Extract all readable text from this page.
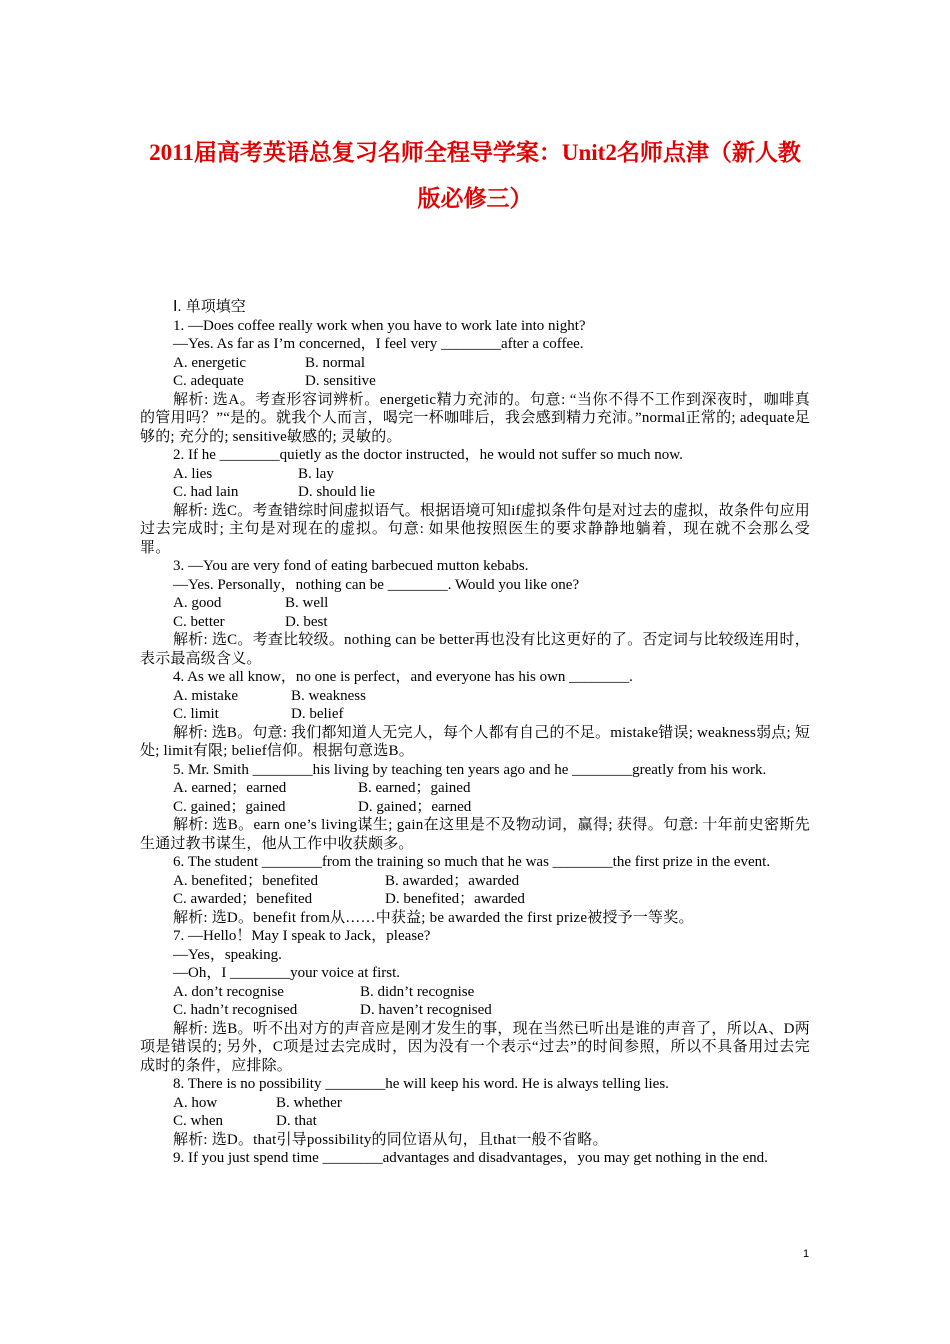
2011届高考英语总复习名师全程导学案：Unit2名师点津（新人教版必修三）
Ⅰ. 单项填空

1. —Does coffee really work when you have to work late into night?

—Yes. As far as I’m concerned，I feel very ________after a coffee.

A. energetic	B. normal
C. adequate	D. sensitive

解析: 选A。考查形容词辨析。energetic精力充沛的。句意: “当你不得不工作到深夜时，咖啡真的管用吗？”“是的。就我个人而言，喝完一杯咖啡后，我会感到精力充沛。”normal正常的; adequate足够的; 充分的; sensitive敏感的; 灵敏的。

2. If he ________quietly as the doctor instructed，he would not suffer so much now.

A. lies	B. lay
C. had lain	D. should lie

解析: 选C。考查错综时间虚拟语气。根据语境可知if虚拟条件句是对过去的虚拟，故条件句应用过去完成时; 主句是对现在的虚拟。句意: 如果他按照医生的要求静静地躺着，现在就不会那么受罪。

3. —You are very fond of eating barbecued mutton kebabs.

—Yes. Personally，nothing can be ________. Would you like one?

A. good	B. well
C. better	D. best

解析: 选C。考查比较级。nothing can be better再也没有比这更好的了。否定词与比较级连用时，表示最高级含义。

4. As we all know，no one is perfect，and everyone has his own ________.

A. mistake	B. weakness
C. limit	D. belief

解析: 选B。句意: 我们都知道人无完人，每个人都有自己的不足。mistake错误; weakness弱点; 短处; limit有限; belief信仰。根据句意选B。

5. Mr. Smith ________his living by teaching ten years ago and he ________greatly from his work.

A. earned；earned	B. earned；gained
C. gained；gained	D. gained；earned

解析: 选B。earn one’s living谋生; gain在这里是不及物动词，赢得; 获得。句意: 十年前史密斯先生通过教书谋生，他从工作中收获颇多。

6. The student ________from the training so much that he was ________the first prize in the event.

A. benefited；benefited	B. awarded；awarded
C. awarded；benefited	D. benefited；awarded

解析: 选D。benefit from从……中获益; be awarded the first prize被授予一等奖。

7. —Hello！May I speak to Jack，please?

—Yes，speaking.

—Oh，I ________your voice at first.

A. don’t recognise	B. didn’t recognise
C. hadn’t recognised	D. haven’t recognised

解析: 选B。听不出对方的声音应是刚才发生的事，现在当然已听出是谁的声音了，所以A、D两项是错误的; 另外，C项是过去完成时，因为没有一个表示“过去”的时间参照，所以不具备用过去完成时的条件，应排除。

8. There is no possibility ________he will keep his word. He is always telling lies.

A. how	B. whether
C. when	D. that

解析: 选D。that引导possibility的同位语从句，且that一般不省略。

9. If you just spend time ________advantages and disadvantages，you may get nothing in the end.

1
